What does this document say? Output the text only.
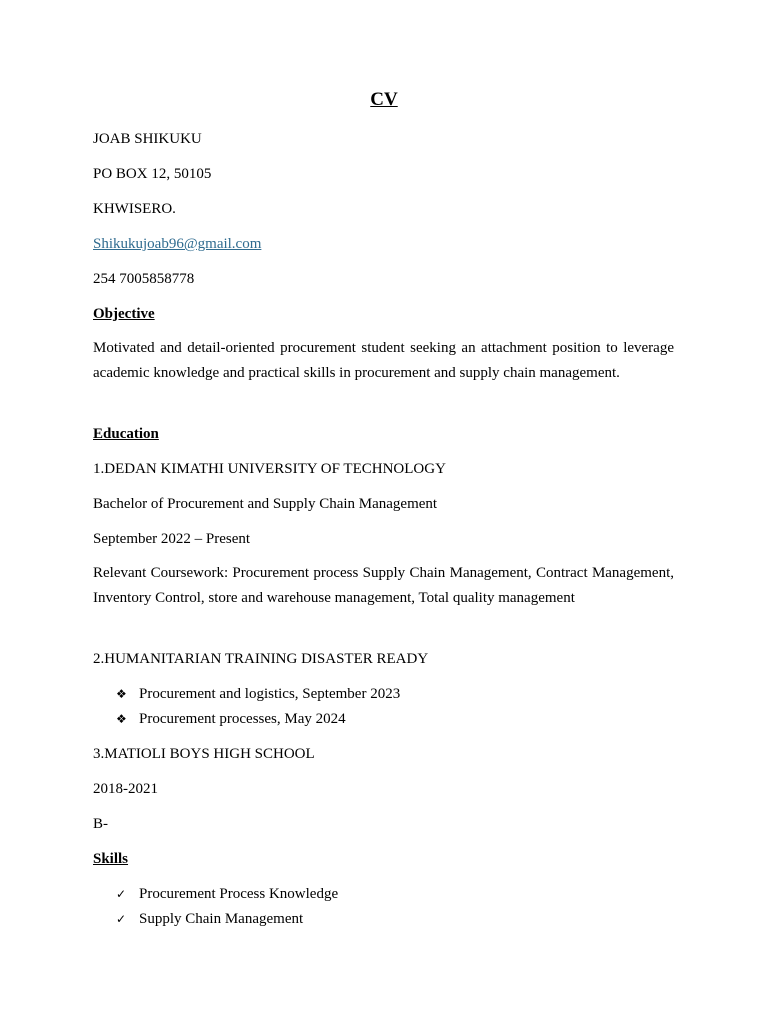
CV
JOAB SHIKUKU
PO BOX 12, 50105
KHWISERO.
Shikukujoab96@gmail.com
254 7005858778
Objective
Motivated and detail-oriented procurement student seeking an attachment position to leverage academic knowledge and practical skills in procurement and supply chain management.
Education
1.DEDAN KIMATHI UNIVERSITY OF TECHNOLOGY
Bachelor of Procurement and Supply Chain Management
September 2022 – Present
Relevant Coursework: Procurement process Supply Chain Management, Contract Management, Inventory Control, store and warehouse management, Total quality management
2.HUMANITARIAN TRAINING DISASTER READY
❖ Procurement and logistics, September 2023
❖ Procurement processes, May 2024
3.MATIOLI BOYS HIGH SCHOOL
2018-2021
B-
Skills
✓ Procurement Process Knowledge
✓ Supply Chain Management
